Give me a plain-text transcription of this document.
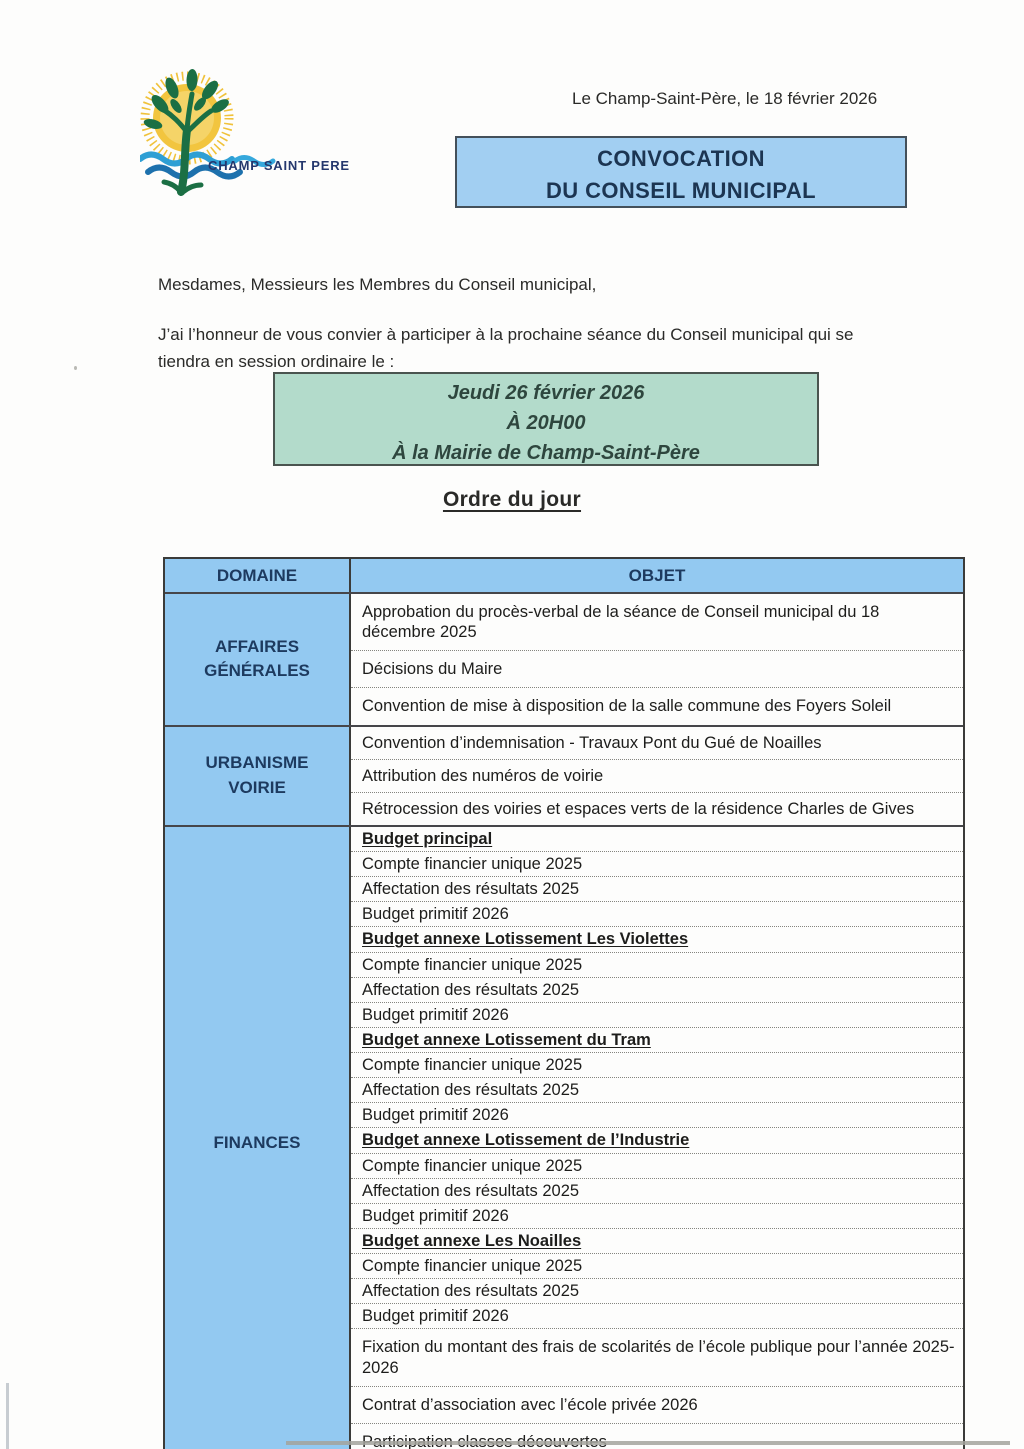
CHAMP SAINT PERE
Le Champ-Saint-Père, le 18 février 2026
CONVOCATION
DU CONSEIL MUNICIPAL

Mesdames, Messieurs les Membres du Conseil municipal,

J’ai l’honneur de vous convier à participer à la prochaine séance du Conseil municipal qui se
tiendra en session ordinaire le :

Jeudi 26 février 2026
À 20H00
À la Mairie de Champ-Saint-Père
Ordre du jour
DOMAINE	OBJET
AFFAIRES
GÉNÉRALES
Approbation du procès-verbal de la séance de Conseil municipal du 18 décembre 2025
Décisions du Maire
Convention de mise à disposition de la salle commune des Foyers Soleil
URBANISME
VOIRIE
Convention d’indemnisation - Travaux Pont du Gué de Noailles
Attribution des numéros de voirie
Rétrocession des voiries et espaces verts de la résidence Charles de Gives
FINANCES
Budget principal
Compte financier unique 2025
Affectation des résultats 2025
Budget primitif 2026
Budget annexe Lotissement Les Violettes
Compte financier unique 2025
Affectation des résultats 2025
Budget primitif 2026
Budget annexe Lotissement du Tram
Compte financier unique 2025
Affectation des résultats 2025
Budget primitif 2026
Budget annexe Lotissement de l’Industrie
Compte financier unique 2025
Affectation des résultats 2025
Budget primitif 2026
Budget annexe Les Noailles
Compte financier unique 2025
Affectation des résultats 2025
Budget primitif 2026
Fixation du montant des frais de scolarités de l’école publique pour l’année 2025-2026
Contrat d’association avec l’école privée 2026
